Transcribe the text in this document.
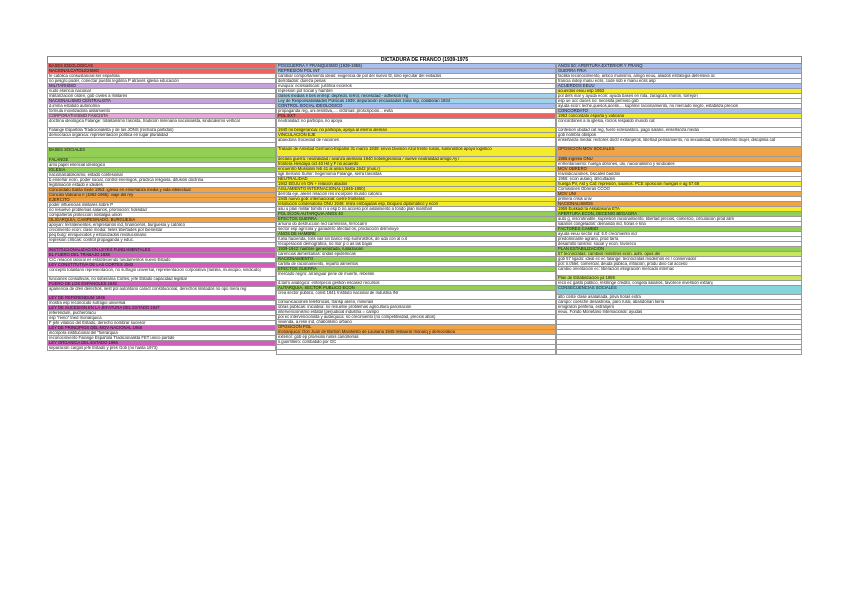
DICTADURA DE FRANCO (1939-1975
BASES IDEOLÓGICAS
NACIONALCATOLICISMO
fe católica consustancial ser española
no peligro poder, conectar pueblo legitima P através iglesia educación
MILITARISMO
nudo esencia nacional
militarización orden, gob civiles a militares
NACIONALISMO CENTRALISTA
d.imma estatuto autonomía
formula movilizadora aislamiento
CORPORATIVISMO FASCISTA
doctrina ideológica Falange: totalitarismo fascista, tradición milenaria nacionalista, sindicalismo vertical
Falange Española Tradicionalista y de las JONS (rechaza partidos)
democracia orgánica: representación política en lugar pluralidad
BASES SOCIALES
FALANGE
amo papel esencial ideológico
IGLESIA
nacionalcatolicismo, estado confesional
b.enseñar ecsn, poder social, control enemigos, práctica religiosa, difusión doctrina
legitimación estado e ideales
Concordato Santa Sede 1953: iglesia en enseñanza media y vida intelectual
Concilio Vaticano II (1962-1965): viaje del rey
EJÉRCITO
poder influencias militares sobre P
no resuelve problemas salarios, promoción: fidelidad
compañeros protección nostalgia unión
OLIGARQUÍA, CAMPESINADO, BURGUESÍA
apoyan: terratenientes, empresarios ind, financieros, burguesía y católico
crecimiento econ: clase media: fieles libertades por bienestar
peq burg: enriquecidos y estoicizados revolucionario
represión críticas: control propaganda y educ.
INSTITUCIONALIZACIÓN LEYES FUNDAMENTALES
EL FUERO DEL TRABAJO 1938
C/C relación laboral es estableciendo fundamentos nuevo Estado
LEY CONSTITUTIVA DE LAS CORTES 1942
concepto totalitario representación, no sufragio universal, representación corporativa (familia, municipio, sindicato)
funciones consultivas, no soberanía Cortes, jefe Estado capacidad legislar
FUERO DE LOS ESPAÑOLES 1945
apariencia de d/es derechos, sest pol autoritario caract constitucional, derechos limitados no opo mera reg
LEY DE REFERÉNDUM 1945
mostra esp reconocido sufragio universal
LEY DE SUCESIÓN EN LA JEFATURA DEL ESTADO 1947
referéndum, puchero/acu
esp "reino" tned monárquica
F jefe vitalicio del Estado, derecho nombrar sucesor
LEY DE PRINCIPIOS DEL MOV NACIONAL 1958
incorpora institucional del "hiérarquía
reconocimiento Falange Española Tradicionalista FET único partido
LEY ORGÁNICA DEL ESTADO 1966
separación cargos jefe Estado y pres Gob (no hasta 1973)
POSGUERRA Y FRANQUISMO (1939-1959)
REPRESIÓN POL INT
cambiar comportamiento ideas: exigencia de pol del nuevo ttl, sino ejecutar del evitados
derrotados: dureza penas
evaquía: eclesiásticas: justifica excesos
represión pol social y hambre
clases medias e bes enrrep: depredo. terror, necesidad - adhesión reg
Ley de Responsabilidades Políticas 1939: depuración encausados zona rep, colaboran 1934
CONTROL SOCIAL IDEOLÓGICO
propaganda reg, uni.resistiva,.... víctimas: proscripción... evita
POL EXT
neutralidad: no participa, no apoya
1940 no beligerancia: no participa, apoya al eterno alemán
VINCULACIÓN EJE
abandona Sociedad de naciones
Tratado de Amistad Germano-Español 31 marzo 1939: envío División Azul frente rusos, suministros apoyo logístico
declara guerra: neutralidad / avanza alemana 1940 nobelígerancia / vuelve neutralidad amigo Ay l
frontera Hendaya oct 40 Hit y F no acuerdo
encuentro Mussolini feb 41 al ansia hasta 1942 (mus.r)
sgil Serrano Suñer: hegemonía Falange, serrá fascistas
NEUTRALIDAD
1942 EEUU en ON + relación aliados
AISLAMIENTO INTERNACIONAL (1945-1950)
derrota eje, aliens relación res incorpore mundo católico
1945 nuevo gob: internacional: cierre fronteras
resolución condenatoria ONU 1946: retira embajadas esp, bloqueo diplomático y econ
asu u plan militar tomito n o esp b no acceso por aislamiento a fondo plan marshall
POL ECON AUTARQUÍA AÑOS 40
EFECTOS GUERRA
arruino do destrucción red carreteras, ferrocarril
sector esp agrícola y ganadero afectad os, producción disminuye
AÑOS DE HAMBRE
ruina hacienda, ross vas sin banco esp suministros, de uda con al o.it
recuperación demográfica, no mor p o as las bajas
1939-1942: hambre generalizada, ruralización
carencias alimentarias: ondas epidemicas
RACIONAMIENTO
cartilla de racionamiento, reparto alimentos
EFECTOS GUERRA
mercado negro: arranguar pene de muerte, rebelión
d.tarro analógico: enterpecio gestión escasez recursos
AUTARQUÍA, SECTOR PÚBLICO ECON
crea sector público, const 1941 Instituto nacional de Industria INI
comunicaciones telefónicas, transp aéreo, minerais
obras públicas: iniciativa: no resuelve problemas agricultura parcelación
intervencionismo estatal (perjudicial industria = campo
pol ec intervencionista y autárquica: no crecimiento (no competitividad, precios altos)
vivienda, a.rese ind, chabolismo urbano
OPOSICIÓN POL
monárquica: Don Juan de Borbón Manifiesto de Lausana 1945 restaurar monarq y democrática
exterior: gob ep pro/exilio rumis cancillerías
s.guerrillero: combatido por GC
AÑOS 50: APERTURA EXTERIOR Y FRANQ
GUERRA FRÍA
facilita reconocimiento, antico munismo, amigo eeuu, aliados estrategia defensiva oc
francia indep manu ecss, code sob e manu ecss asp
ACUERDOS EEUU
acuerdos eeuu esp 1953
pol defs mar y ayuda econ: ayuda bases en rota, zaragoza, morón, torrejón
esp ue occ duces no: necesita permiso gob
ayuda econ: leche,quesos,aceite,... suprime racionamiento, no mercado negro, estabiliza precios
CONCORDATO
1953 concordato españa y vaticano
concordones a la iglesia, rocíos respaldo mundo cat
confesión ubidad cat reg, fuero eclesiástico, pago salario, enseñanza media
gob nombra obispos
enseñanza media: rectores doctr extranjeros, libertad pensamiento, no sexualidad, sometimiento mujer, disciplina cat
OPOSICIÓN MOV SOCIALES
1955 ingreso ONU
enfrentamiento: huelga obrones, uni, nacionalismo y sindicales
MOV OBRERO
reivindicaciones, bsicales bairdos
1956: econ autarq. dificultades
huelga PV, Ast y Cat: represión, salarios. PCE oposición huelgas e ag 57.68
Comisiones Obreras CCOO
MOV UNI
primera crisis univ
NACIONALISMOS
1959 Euskadi ta Askatasuna ETA
APERTURA ECON, DECENIO BEGAGRA
auto g, inscrutinable, supresión racionamiento, libertad precios, comercio, circulación prod alim
salarios congelados: demanda ind, horas e kna
FACTORES CAMBIO
ayuda eeuu sector ind: 5.0 crecimiento ind
predominante agrario, prod farra
desarrollo turismo: social y econ. favoreco
PLAN ESTABILIZACIÓN
57 tecnócratas: cambios ministros econ. adm. opus dei
gob 57 ligado: ideal ec ec falange: tecnócratas modernos ec / conservador
pol: n.t/tilet. comercial, deuda pública, inflación, produ divo cal acceso
cambio orientación ec: liberación integración mercado internac
Plan de Estabilización jul 1959
reco ec gasto público, restringe crédito, congela salarios, favorece inversión extranj
CONSECUENCIAS SOCIALES
alto coste clase asalariada, priva horas extra
campo: coesche desastrosa, paro rural, abandonan tierra
emigraron periferia, extranjero
eeuu, Fondo Monetario Internacional: ayudas
